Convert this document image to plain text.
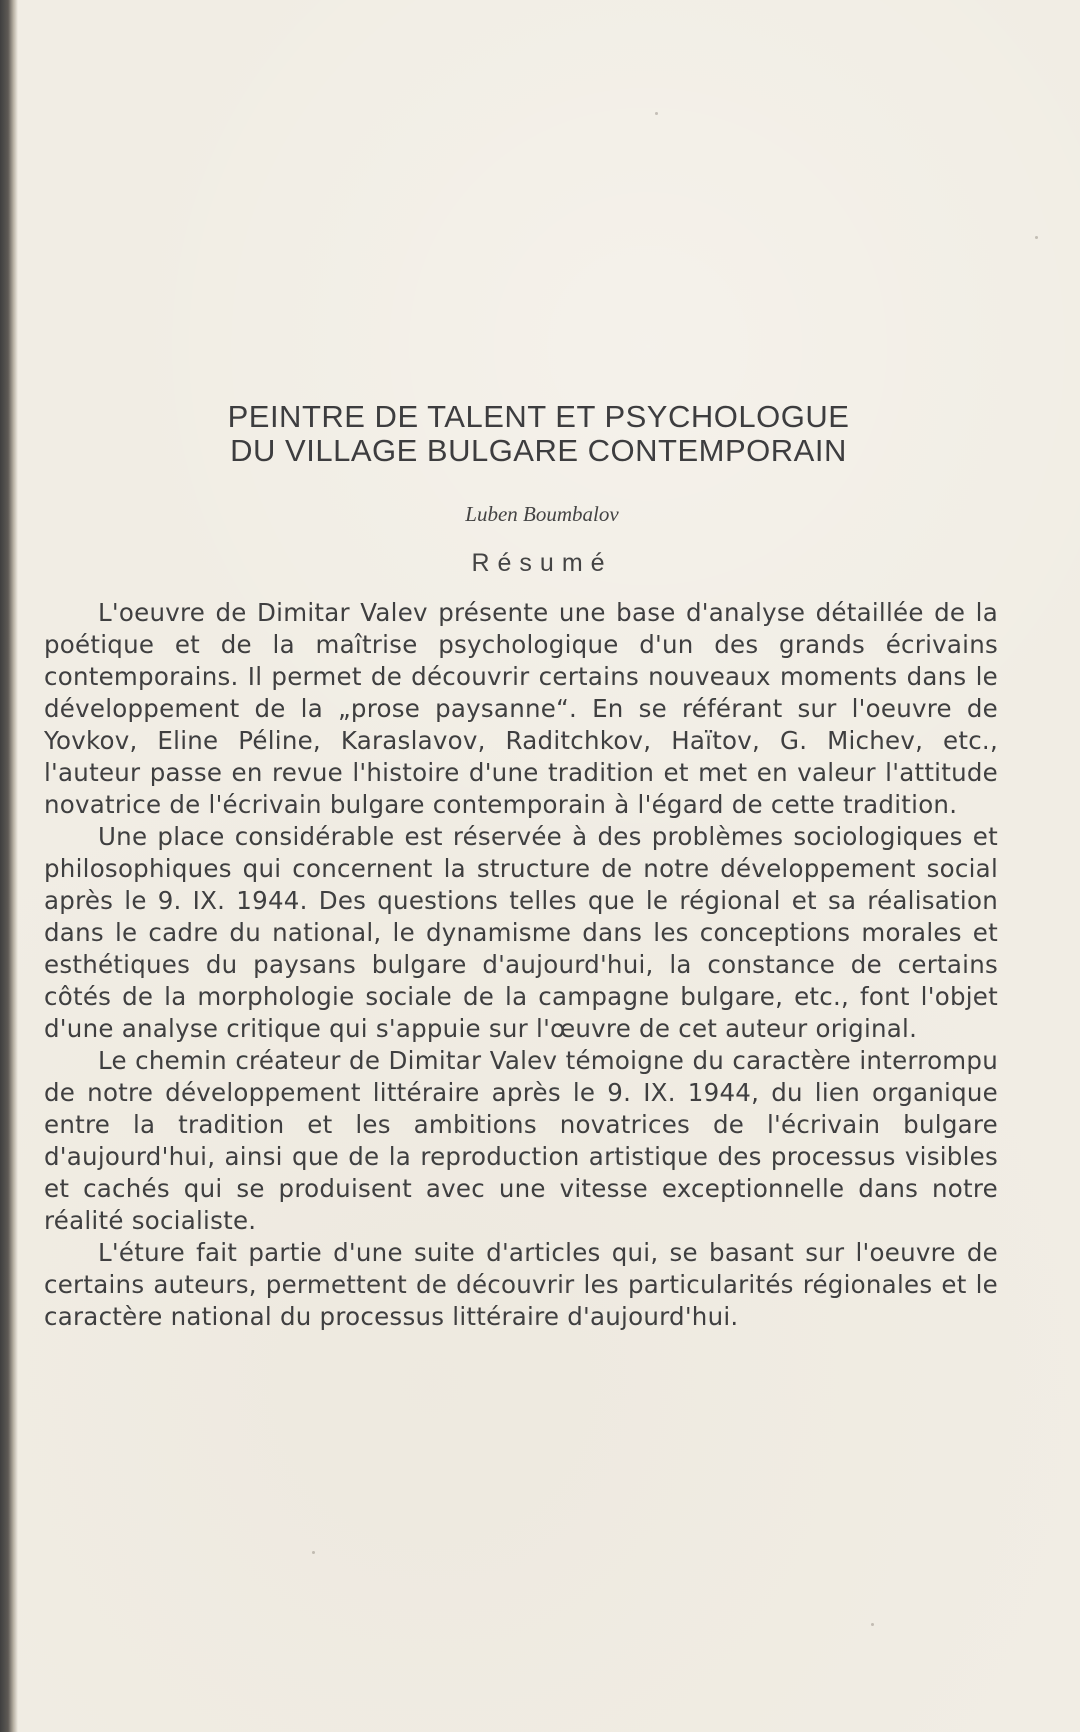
PEINTRE DE TALENT ET PSYCHOLOGUE
DU VILLAGE BULGARE CONTEMPORAIN
Luben Boumbalov
Résumé

L'oeuvre de Dimitar Valev présente une base d'analyse détaillée de la poétique et de la maîtrise psychologique d'un des grands écrivains contemporains. Il permet de découvrir certains nouveaux moments dans le développement de la „prose paysanne“. En se référant sur l'oeuvre de Yovkov, Eline Péline, Karaslavov, Raditchkov, Haïtov, G. Michev, etc., l'auteur passe en revue l'histoire d'une tradition et met en valeur l'attitude novatrice de l'écrivain bulgare contemporain à l'égard de cette tradition.

Une place considérable est réservée à des problèmes sociologiques et philosophiques qui concernent la structure de notre développement social après le 9. IX. 1944. Des questions telles que le régional et sa réalisation dans le cadre du national, le dynamisme dans les conceptions morales et esthétiques du paysans bulgare d'aujourd'hui, la constance de certains côtés de la morphologie sociale de la campagne bulgare, etc., font l'objet d'une analyse critique qui s'appuie sur l'œuvre de cet auteur original.

Le chemin créateur de Dimitar Valev témoigne du caractère interrompu de notre développement littéraire après le 9. IX. 1944, du lien organique entre la tradition et les ambitions novatrices de l'écrivain bulgare d'aujourd'hui, ainsi que de la reproduction artistique des processus visibles et cachés qui se produisent avec une vitesse exceptionnelle dans notre réalité socialiste.

L'éture fait partie d'une suite d'articles qui, se basant sur l'oeuvre de certains auteurs, permettent de découvrir les particularités régionales et le caractère national du processus littéraire d'aujourd'hui.
